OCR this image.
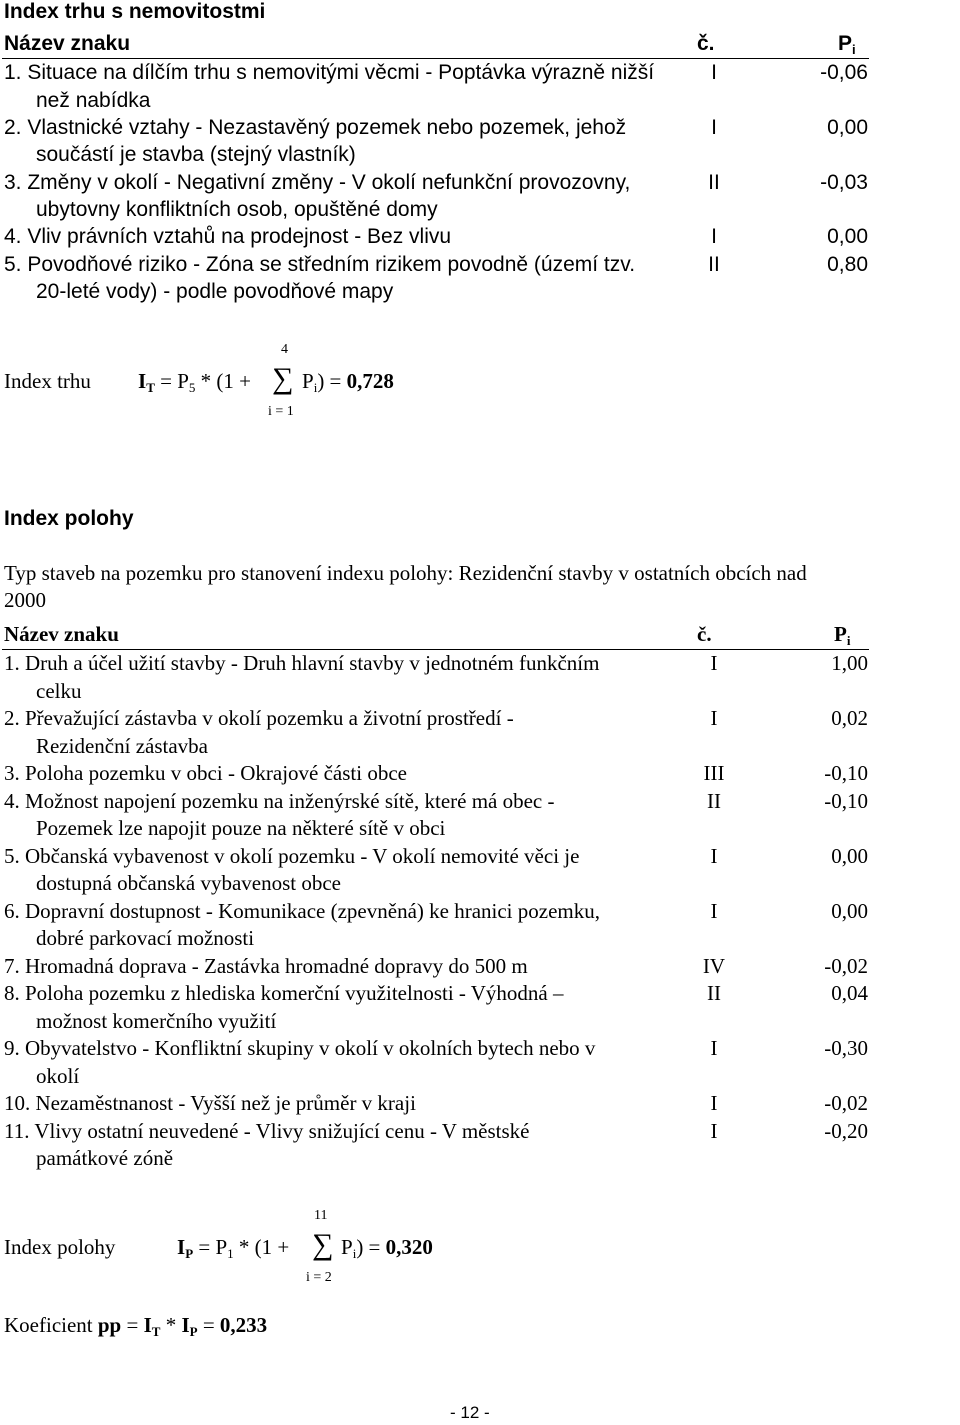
Index trhu s nemovitostmi
Název znaku	č.	$P_i$
1. Situace na dílčím trhu s nemovitými věcmi - Poptávka výrazně nižší
než nabídka
I	-0,06
2. Vlastnické vztahy - Nezastavěný pozemek nebo pozemek, jehož
součástí je stavba (stejný vlastník)
I	0,00
3. Změny v okolí - Negativní změny - V okolí nefunkční provozovny,
ubytovny konfliktních osob, opuštěné domy
II	-0,03
4. Vliv právních vztahů na prodejnost - Bez vlivu	I	0,00
5. Povodňové riziko - Zóna se středním rizikem povodně (území tzv.
20-leté vody) - podle povodňové mapy
II	0,80
Index trhu $I_T = P_5 * (1$ +
4
∑
i = 1
$P_i) = 0,728$
Index polohy
Typ staveb na pozemku pro stanovení indexu polohy: Rezidenční stavby v ostatních obcích nad
2000
Název znaku	č.	$P_i$
1. Druh a účel užití stavby - Druh hlavní stavby v jednotném funkčním
celku
I	1,00
2. Převažující zástavba v okolí pozemku a životní prostředí -
Rezidenční zástavba
I	0,02
3. Poloha pozemku v obci - Okrajové části obce	III	-0,10
4. Možnost napojení pozemku na inženýrské sítě, které má obec -
Pozemek lze napojit pouze na některé sítě v obci
II	-0,10
5. Občanská vybavenost v okolí pozemku - V okolí nemovité věci je
dostupná občanská vybavenost obce
I	0,00
6. Dopravní dostupnost - Komunikace (zpevněná) ke hranici pozemku,
dobré parkovací možnosti
I	0,00
7. Hromadná doprava - Zastávka hromadné dopravy do 500 m	IV	-0,02
8. Poloha pozemku z hlediska komerční využitelnosti - Výhodná –
možnost komerčního využití
II	0,04
9. Obyvatelstvo - Konfliktní skupiny v okolí v okolních bytech nebo v
okolí
I	-0,30
10. Nezaměstnanost - Vyšší než je průměr v kraji	I	-0,02
11. Vlivy ostatní neuvedené - Vlivy snižující cenu - V městské
památkové zóně
I	-0,20
Index polohy	$I_P = P_1 * (1$ +
11
∑
i = 2
$P_i) = 0,320$
Koeficient pp = $I_T * I_P = 0,233$
- 12 -
